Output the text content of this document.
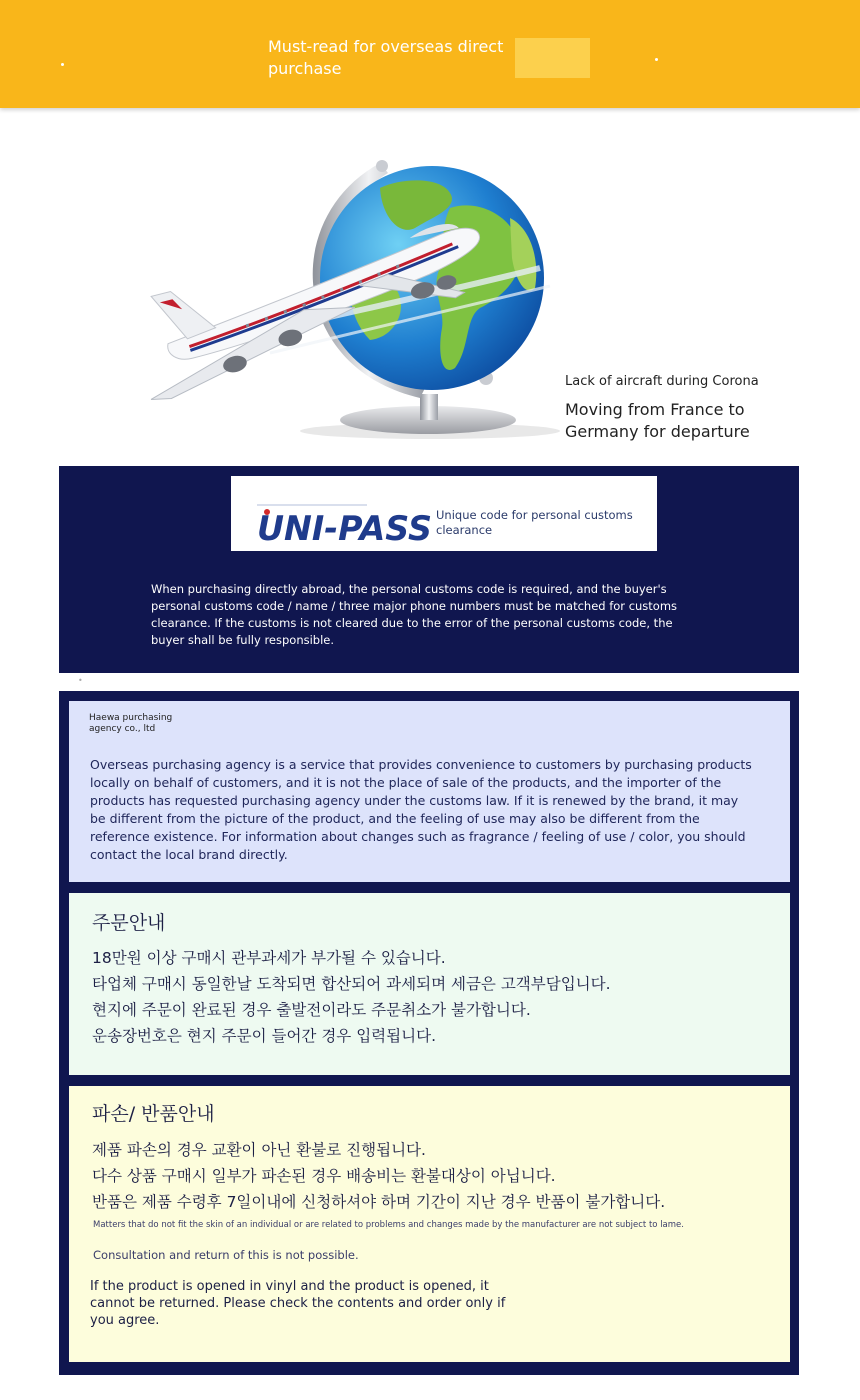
Must-read for overseas direct purchase
Lack of aircraft during Corona
Moving from France to Germany for departure
UNI-PASS Unique code for personal customs clearance
When purchasing directly abroad, the personal customs code is required, and the buyer's personal customs code / name / three major phone numbers must be matched for customs clearance. If the customs is not cleared due to the error of the personal customs code, the buyer shall be fully responsible.
•
Haewa purchasing agency co., ltd
Overseas purchasing agency is a service that provides convenience to customers by purchasing products locally on behalf of customers, and it is not the place of sale of the products, and the importer of the products has requested purchasing agency under the customs law. If it is renewed by the brand, it may be different from the picture of the product, and the feeling of use may also be different from the reference existence. For information about changes such as fragrance / feeling of use / color, you should contact the local brand directly.
주문안내
18만원 이상 구매시 관부과세가 부가될 수 있습니다.
타업체 구매시 동일한날 도착되면 합산되어 과세되며 세금은 고객부담입니다.
현지에 주문이 완료된 경우 출발전이라도 주문취소가 불가합니다.
운송장번호은 현지 주문이 들어간 경우 입력됩니다.
파손/ 반품안내
제품 파손의 경우 교환이 아닌 환불로 진행됩니다.
다수 상품 구매시 일부가 파손된 경우 배송비는 환불대상이 아닙니다.
반품은 제품 수령후 7일이내에 신청하셔야 하며 기간이 지난 경우 반품이 불가합니다.
Matters that do not fit the skin of an individual or are related to problems and changes made by the manufacturer are not subject to lame.
Consultation and return of this is not possible.
If the product is opened in vinyl and the product is opened, it cannot be returned. Please check the contents and order only if you agree.
